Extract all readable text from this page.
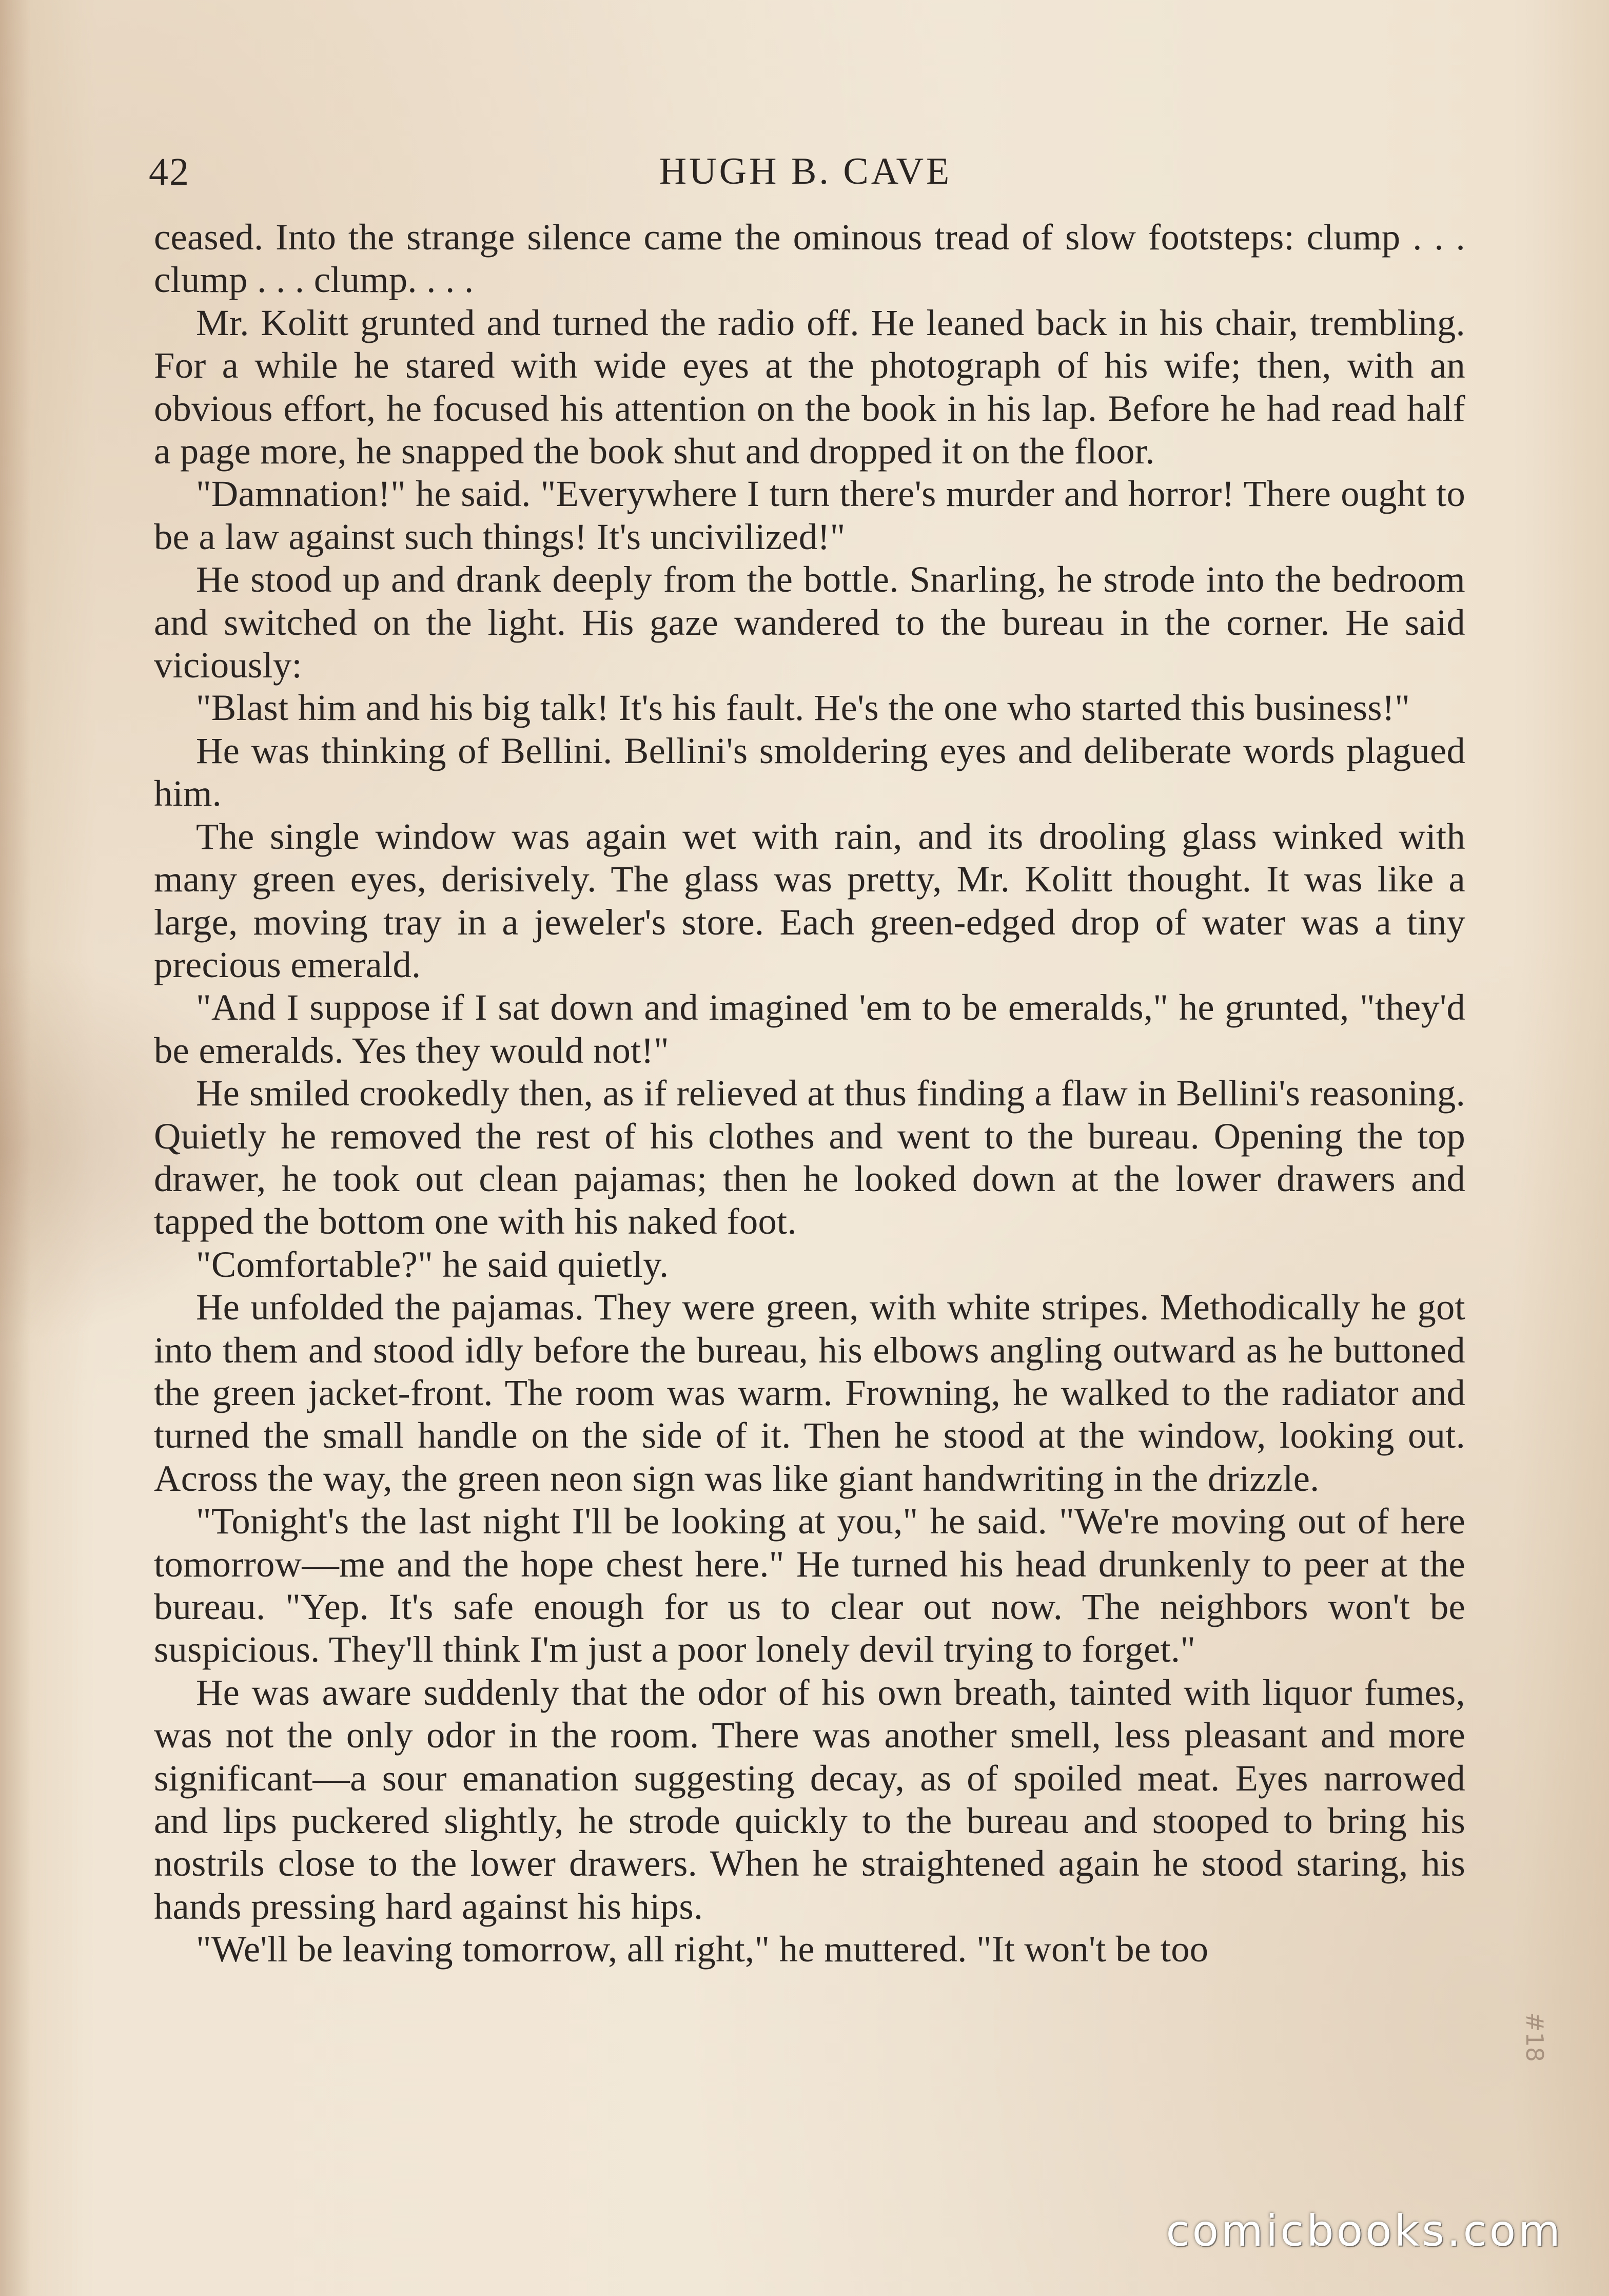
42	HUGH B. CAVE

ceased. Into the strange silence came the ominous tread of slow footsteps: clump . . . clump . . . clump. . . .

Mr. Kolitt grunted and turned the radio off. He leaned back in his chair, trembling. For a while he stared with wide eyes at the photograph of his wife; then, with an obvious effort, he focused his attention on the book in his lap. Before he had read half a page more, he snapped the book shut and dropped it on the floor.

"Damnation!" he said. "Everywhere I turn there's murder and horror! There ought to be a law against such things! It's uncivilized!"

He stood up and drank deeply from the bottle. Snarling, he strode into the bedroom and switched on the light. His gaze wandered to the bureau in the corner. He said viciously:

"Blast him and his big talk! It's his fault. He's the one who started this business!"

He was thinking of Bellini. Bellini's smoldering eyes and deliberate words plagued him.

The single window was again wet with rain, and its drooling glass winked with many green eyes, derisively. The glass was pretty, Mr. Kolitt thought. It was like a large, moving tray in a jeweler's store. Each green-edged drop of water was a tiny precious emerald.

"And I suppose if I sat down and imagined 'em to be emeralds," he grunted, "they'd be emeralds. Yes they would not!"

He smiled crookedly then, as if relieved at thus finding a flaw in Bellini's reasoning. Quietly he removed the rest of his clothes and went to the bureau. Opening the top drawer, he took out clean pajamas; then he looked down at the lower drawers and tapped the bottom one with his naked foot.

"Comfortable?" he said quietly.

He unfolded the pajamas. They were green, with white stripes. Methodically he got into them and stood idly before the bureau, his elbows angling outward as he buttoned the green jacket-front. The room was warm. Frowning, he walked to the radiator and turned the small handle on the side of it. Then he stood at the window, looking out. Across the way, the green neon sign was like giant handwriting in the drizzle.

"Tonight's the last night I'll be looking at you," he said. "We're moving out of here tomorrow—me and the hope chest here." He turned his head drunkenly to peer at the bureau. "Yep. It's safe enough for us to clear out now. The neighbors won't be suspicious. They'll think I'm just a poor lonely devil trying to forget."

He was aware suddenly that the odor of his own breath, tainted with liquor fumes, was not the only odor in the room. There was another smell, less pleasant and more significant—a sour emanation suggesting decay, as of spoiled meat. Eyes narrowed and lips puckered slightly, he strode quickly to the bureau and stooped to bring his nostrils close to the lower drawers. When he straightened again he stood staring, his hands pressing hard against his hips.

"We'll be leaving tomorrow, all right," he muttered. "It won't be too

#18
comicbooks.com
